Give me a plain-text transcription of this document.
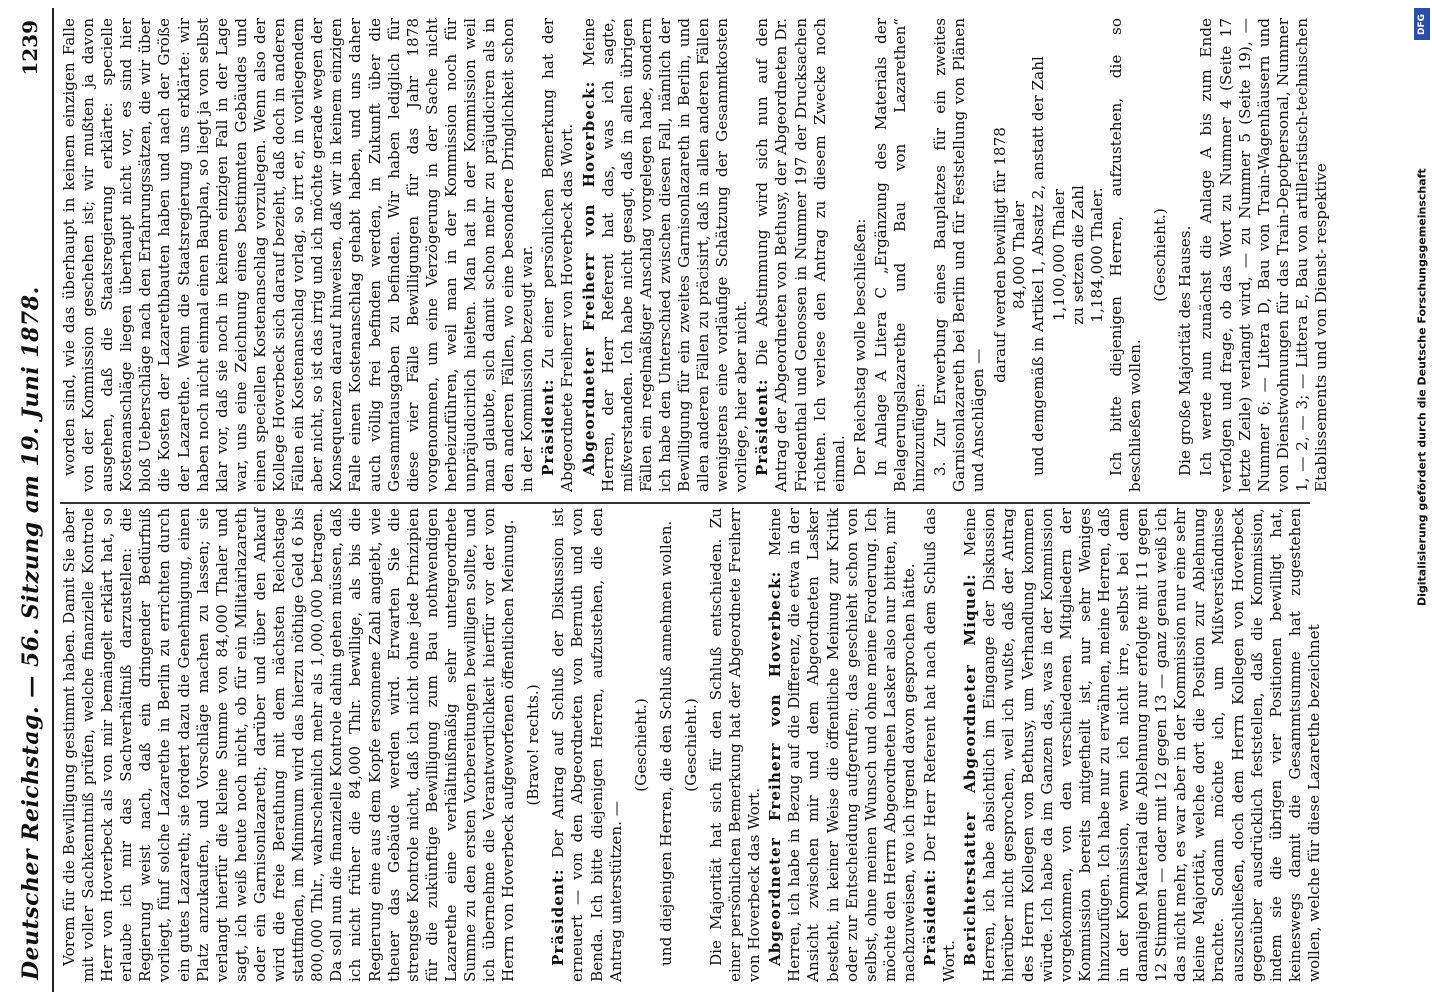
Deutscher Reichstag. — 56. Sitzung am 19. Juni 1878.
1239

Vorem für die Bewilligung gestimmt haben. Damit Sie aber mit voller Sachkenntniß prüfen, welche finanzielle Kontrole Herr von Hoverbeck als von mir bemängelt erklärt hat, so erlaube ich mir das Sachverhältniß darzustellen: die Regierung weist nach, daß ein dringender Bedürfniß vorliegt, fünf solche Lazarethe in Berlin zu errichten durch ein gutes Lazareth; sie fordert dazu die Genehmigung, einen Platz anzukaufen, und Vorschläge machen zu lassen; sie verlangt hierfür die kleine Summe von 84,000 Thaler und sagt, ich weiß heute noch nicht, ob für ein Militairlazareth oder ein Garnisonlazareth; darüber und über den Ankauf wird die freie Berathung mit dem nächsten Reichstage stattfinden, im Minimum wird das hierzu nöthige Geld 6 bis 800,000 Thlr., wahrscheinlich mehr als 1,000,000 betragen. Da soll nun die finanzielle Kontrole dahin gehen müssen, daß ich nicht früher die 84,000 Thlr. bewillige, als bis die Regierung eine aus dem Kopfe ersonnene Zahl angiebt, wie theuer das Gebäude werden wird. Erwarten Sie die strengste Kontrole nicht, daß ich nicht ohne jede Prinzipien für die zukünftige Bewilligung zum Bau nothwendigen Lazarethe eine verhältnißmäßig sehr untergeordnete Summe zu den ersten Vorbereitungen bewilligen sollte, und ich übernehme die Verantwortlichkeit hierfür vor der von Herrn von Hoverbeck aufgeworfenen öffentlichen Meinung. (Bravo! rechts.)

Präsident: Der Antrag auf Schluß der Diskussion ist erneuert — von den Abgeordneten von Bernuth und von Benda. Ich bitte diejenigen Herren, aufzustehen, die den Antrag unterstützen. —

(Geschieht.) und diejenigen Herren, die den Schluß annehmen wollen. (Geschieht.) Die Majorität hat sich für den Schluß entschieden. Zu einer persönlichen Bemerkung hat der Abgeordnete Freiherr von Hoverbeck das Wort. Abgeordneter Freiherr von Hoverbeck: Meine Herren, ich habe in Bezug auf die Differenz, die etwa in der Ansicht zwischen mir und dem Abgeordneten Lasker besteht, in keiner Weise die öffentliche Meinung zur Kritik oder zur Entscheidung aufgerufen; das geschieht schon von selbst, ohne meinen Wunsch und ohne meine Forderung. Ich möchte den Herrn Abgeordneten Lasker also nur bitten, mir nachzuweisen, wo ich irgend davon gesprochen hätte. Präsident: Der Herr Referent hat nach dem Schluß das Wort. Berichterstatter Abgeordneter Miquel: Meine Herren, ich habe absichtlich im Eingange der Diskussion hierüber nicht gesprochen, weil ich wußte, daß der Antrag des Herrn Kollegen von Bethusy, um Verhandlung kommen würde. Ich habe da im Ganzen das, was in der Kommission vorgekommen, von den verschiedenen Mitgliedern der Kommission bereits mitgetheilt ist, nur sehr Weniges hinzuzufügen. Ich habe nur zu erwähnen, meine Herren, daß in der Kommission, wenn ich nicht irre, selbst bei dem damaligen Material die Ablehnung nur erfolgte mit 11 gegen 12 Stimmen — oder mit 12 gegen 13 — ganz genau weiß ich das nicht mehr, es war aber in der Kommission nur eine sehr kleine Majorität, welche dort die Position zur Ablehnung brachte. Sodann möchte ich, um Mißverständnisse auszuschließen, doch dem Herrn Kollegen von Hoverbeck gegenüber ausdrücklich feststellen, daß die Kommission, indem sie die übrigen vier Positionen bewilligt hat, keineswegs damit die Gesammtsumme hat zugestehen wollen, welche für diese Lazarethe bezeichnet

worden sind, wie das überhaupt in keinem einzigen Falle von der Kommission geschehen ist; wir mußten ja davon ausgehen, daß die Staatsregierung erklärte: specielle Kostenanschläge liegen überhaupt nicht vor, es sind hier bloß Ueberschläge nach den Erfahrungssätzen, die wir über die Kosten der Lazarethbauten haben und nach der Größe der Lazarethe. Wenn die Staatsregierung uns erklärte: wir haben noch nicht einmal einen Bauplan, so liegt ja von selbst klar vor, daß sie noch in keinem einzigen Fall in der Lage war, uns eine Zeichnung eines bestimmten Gebäudes und einen speciellen Kostenanschlag vorzulegen. Wenn also der Kollege Hoverbeck sich darauf bezieht, daß doch in anderen Fällen ein Kostenanschlag vorlag, so irrt er, in vorliegendem aber nicht, so ist das irrig und ich möchte gerade wegen der Konsequenzen darauf hinweisen, daß wir in keinem einzigen Falle einen Kostenanschlag gehabt haben, und uns daher auch völlig frei befinden werden, in Zukunft über die Gesammtausgaben zu befinden. Wir haben lediglich für diese vier Fälle Bewilligungen für das Jahr 1878 vorgenommen, um eine Verzögerung in der Sache nicht herbeizuführen, weil man in der Kommission noch für unpräjudicirlich hielten. Man hat in der Kommission weil man glaubte, sich damit schon mehr zu präjudiciren als in den anderen Fällen, wo eine besondere Dringlichkeit schon in der Kommission bezeugt war. Präsident: Zu einer persönlichen Bemerkung hat der Abgeordnete Freiherr von Hoverbeck das Wort. Abgeordneter Freiherr von Hoverbeck: Meine Herren, der Herr Referent hat das, was ich sagte, mißverstanden. Ich habe nicht gesagt, daß in allen übrigen Fällen ein regelmäßiger Anschlag vorgelegen habe, sondern ich habe den Unterschied zwischen diesen Fall, nämlich der Bewilligung für ein zweites Garnisonlazareth in Berlin, und allen anderen Fällen zu präcisirt, daß in allen anderen Fällen wenigstens eine vorläufige Schätzung der Gesammtkosten vorliege, hier aber nicht. Präsident: Die Abstimmung wird sich nun auf den Antrag der Abgeordneten von Bethusy, der Abgeordneten Dr. Friedenthal und Genossen in Nummer 197 der Drucksachen richten. Ich verlese den Antrag zu diesem Zwecke noch einmal. Der Reichstag wolle beschließen: In Anlage A Litera C „Ergänzung des Materials der Belagerungslazarethe und Bau von Lazarethen“ hinzuzufügen: 3. Zur Erwerbung eines Bauplatzes für ein zweites Garnisonlazareth bei Berlin und für Feststellung von Plänen und Anschlägen —

darauf werden bewilligt für 1878 84,000 Thaler und demgemäß in Artikel 1, Absatz 2, anstatt der Zahl 1,100,000 Thaler zu setzen die Zahl 1,184,000 Thaler. Ich bitte diejenigen Herren, aufzustehen, die so beschließen wollen.

(Geschieht.) Die große Majorität des Hauses. Ich werde nun zunächst die Anlage A bis zum Ende verfolgen und frage, ob das Wort zu Nummer 4 (Seite 17 letzte Zeile) verlangt wird, — zu Nummer 5 (Seite 19), — Nummer 6; — Litera D, Bau von Train-Wagenhäusern und von Dienstwohnungen für das Train-Depotpersonal, Nummer 1, — 2, — 3; — Littera E, Bau von artilleristisch-technischen Etablissements und von Dienst- respektive

DFG
Digitalisierung gefördert durch die Deutsche Forschungsgemeinschaft
